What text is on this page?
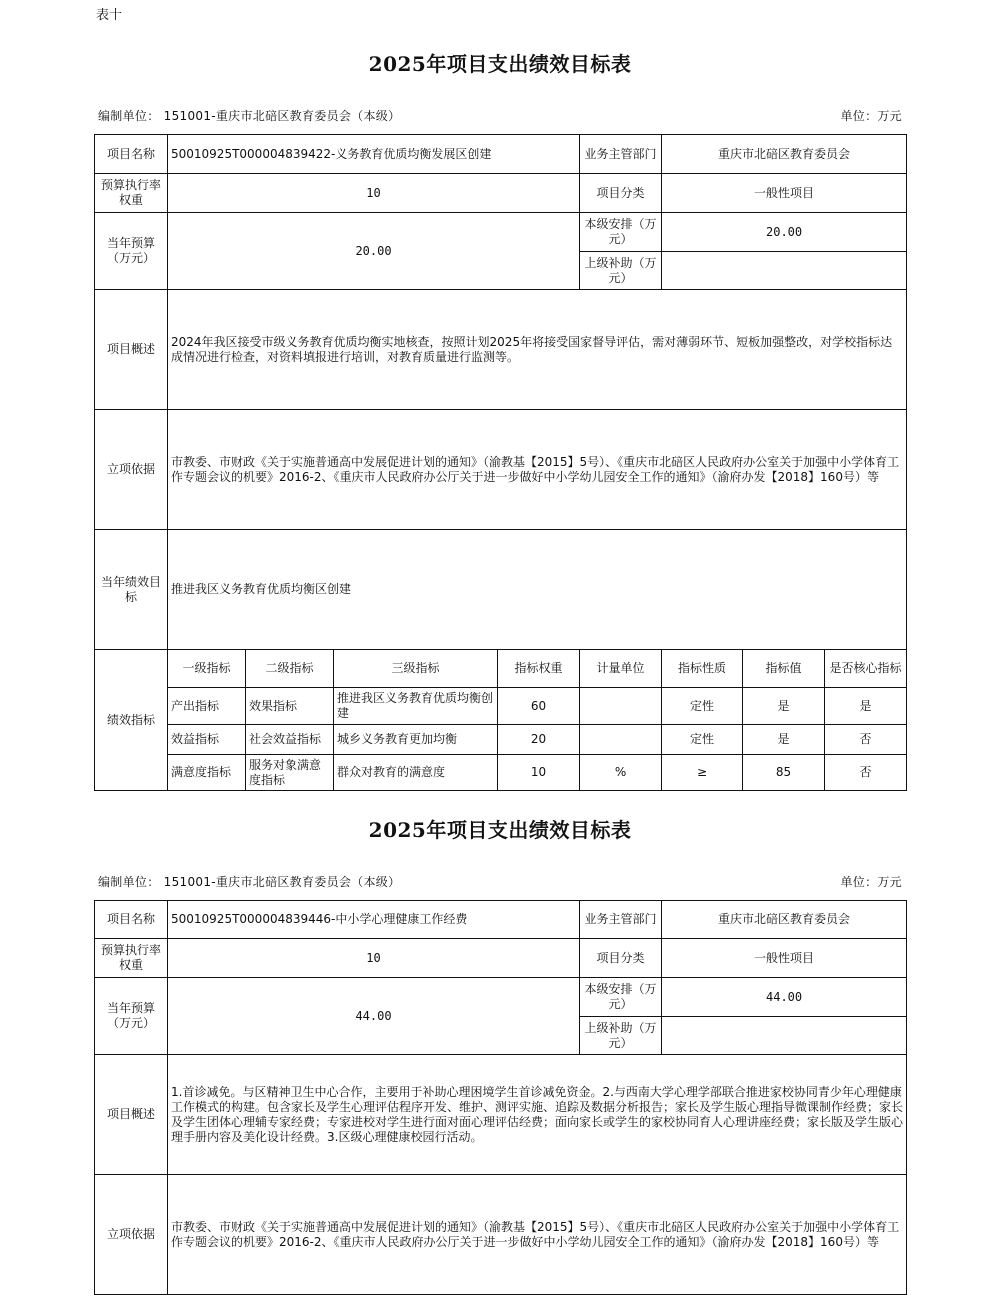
表十
2025年项目支出绩效目标表
编制单位： 151001-重庆市北碚区教育委员会（本级）	单位：万元
项目名称	50010925T000004839422-义务教育优质均衡发展区创建				业务主管部门	重庆市北碚区教育委员会		
预算执行率权重	10				项目分类	一般性项目		
当年预算（万元）	20.00				本级安排（万元）	20.00		
					上级补助（万元）			
项目概述	2024年我区接受市级义务教育优质均衡实地核查，按照计划2025年将接受国家督导评估，需对薄弱环节、短板加强整改，对学校指标达成情况进行检查，对资料填报进行培训，对教育质量进行监测等。							
立项依据	市教委、市财政《关于实施普通高中发展促进计划的通知》（渝教基【2015】5号）、《重庆市北碚区人民政府办公室关于加强中小学体育工作专题会议的机要》2016-2、《重庆市人民政府办公厅关于进一步做好中小学幼儿园安全工作的通知》（渝府办发【2018】160号）等							
当年绩效目标	推进我区义务教育优质均衡区创建							
绩效指标	一级指标	二级指标	三级指标	指标权重	计量单位	指标性质	指标值	是否核心指标
	产出指标	效果指标	推进我区义务教育优质均衡创建	60		定性	是	是
	效益指标	社会效益指标	城乡义务教育更加均衡	20		定性	是	否
	满意度指标	服务对象满意度指标	群众对教育的满意度	10	%	≥	85	否
2025年项目支出绩效目标表
编制单位： 151001-重庆市北碚区教育委员会（本级）	单位：万元
项目名称	50010925T000004839446-中小学心理健康工作经费	业务主管部门	重庆市北碚区教育委员会
预算执行率权重	10	项目分类	一般性项目
当年预算（万元）	44.00	本级安排（万元）	44.00
		上级补助（万元）	
项目概述	1.首诊减免。与区精神卫生中心合作，主要用于补助心理困境学生首诊减免资金。2.与西南大学心理学部联合推进家校协同青少年心理健康工作模式的构建。包含家长及学生心理评估程序开发、维护、测评实施、追踪及数据分析报告；家长及学生版心理指导微课制作经费；家长及学生团体心理辅专家经费；专家进校对学生进行面对面心理评估经费；面向家长或学生的家校协同育人心理讲座经费；家长版及学生版心理手册内容及美化设计经费。3.区级心理健康校园行活动。		
立项依据	市教委、市财政《关于实施普通高中发展促进计划的通知》（渝教基【2015】5号）、《重庆市北碚区人民政府办公室关于加强中小学体育工作专题会议的机要》2016-2、《重庆市人民政府办公厅关于进一步做好中小学幼儿园安全工作的通知》（渝府办发【2018】160号）等		
